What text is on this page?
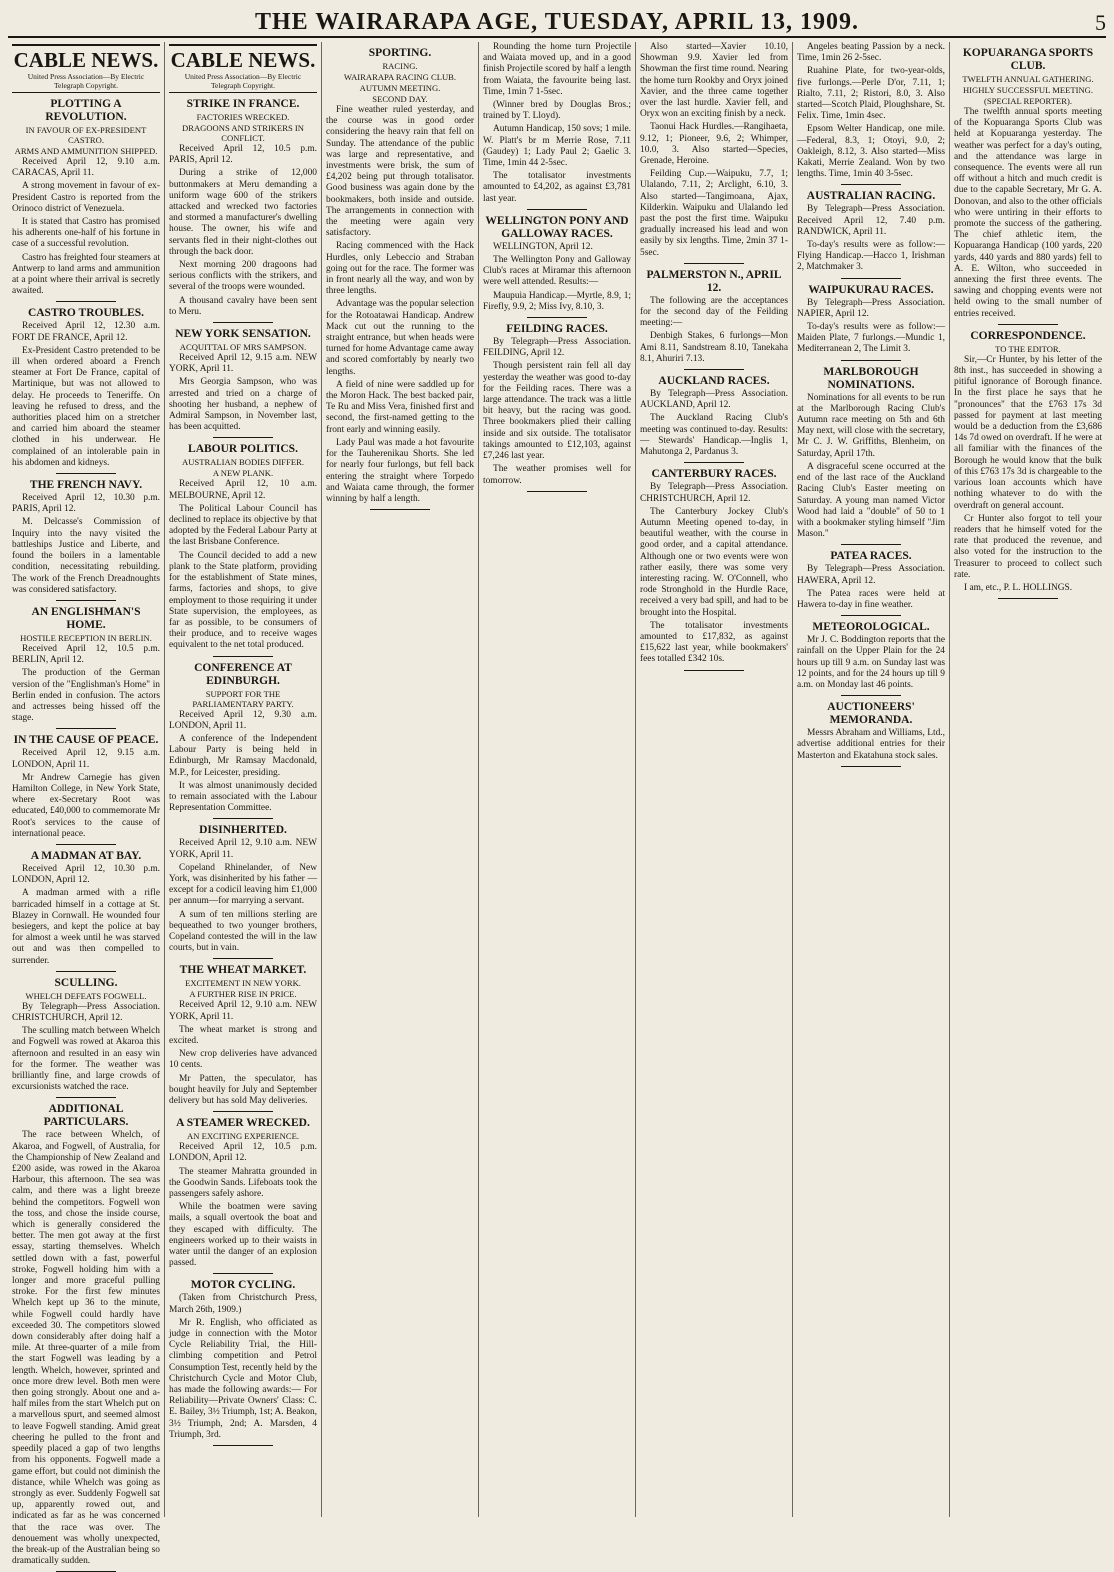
THE WAIRARAPA AGE, TUESDAY, APRIL 13, 1909.	5
CABLE NEWS.
United Press Association—By Electric Telegraph Copyright.
PLOTTING A REVOLUTION.
IN FAVOUR OF EX-PRESIDENT CASTRO.
ARMS AND AMMUNITION SHIPPED.

Received April 12, 9.10 a.m. CARACAS, April 11.

A strong movement in favour of ex-President Castro is reported from the Orinoco district of Venezuela.

It is stated that Castro has promised his adherents one-half of his fortune in case of a successful revolution.

Castro has freighted four steamers at Antwerp to land arms and ammunition at a point where their arrival is secretly awaited.

CASTRO TROUBLES.

Received April 12, 12.30 a.m. FORT DE FRANCE, April 12.

Ex-President Castro pretended to be ill when ordered aboard a French steamer at Fort De France, capital of Martinique, but was not allowed to delay. He proceeds to Teneriffe. On leaving he refused to dress, and the authorities placed him on a stretcher and carried him aboard the steamer clothed in his underwear. He complained of an intolerable pain in his abdomen and kidneys.

THE FRENCH NAVY.

Received April 12, 10.30 p.m. PARIS, April 12.

M. Delcasse's Commission of Inquiry into the navy visited the battleships Justice and Liberte, and found the boilers in a lamentable condition, necessitating rebuilding. The work of the French Dreadnoughts was considered satisfactory.

AN ENGLISHMAN'S HOME.
HOSTILE RECEPTION IN BERLIN.

Received April 12, 10.5 p.m. BERLIN, April 12.

The production of the German version of the "Englishman's Home" in Berlin ended in confusion. The actors and actresses being hissed off the stage.

IN THE CAUSE OF PEACE.

Received April 12, 9.15 a.m. LONDON, April 11.

Mr Andrew Carnegie has given Hamilton College, in New York State, where ex-Secretary Root was educated, £40,000 to commemorate Mr Root's services to the cause of international peace.

A MADMAN AT BAY.

Received April 12, 10.30 p.m. LONDON, April 12.

A madman armed with a rifle barricaded himself in a cottage at St. Blazey in Cornwall. He wounded four besiegers, and kept the police at bay for almost a week until he was starved out and was then compelled to surrender.

SCULLING.
WHELCH DEFEATS FOGWELL.

By Telegraph—Press Association. CHRISTCHURCH, April 12.

The sculling match between Whelch and Fogwell was rowed at Akaroa this afternoon and resulted in an easy win for the former. The weather was brilliantly fine, and large crowds of excursionists watched the race.

ADDITIONAL PARTICULARS.

The race between Whelch, of Akaroa, and Fogwell, of Australia, for the Championship of New Zealand and £200 aside, was rowed in the Akaroa Harbour, this afternoon. The sea was calm, and there was a light breeze behind the competitors. Fogwell won the toss, and chose the inside course, which is generally considered the better. The men got away at the first essay, starting themselves. Whelch settled down with a fast, powerful stroke, Fogwell holding him with a longer and more graceful pulling stroke. For the first few minutes Whelch kept up 36 to the minute, while Fogwell could hardly have exceeded 30. The competitors slowed down considerably after doing half a mile. At three-quarter of a mile from the start Fogwell was leading by a length. Whelch, however, sprinted and once more drew level. Both men were then going strongly. About one and a-half miles from the start Whelch put on a marvellous spurt, and seemed almost to leave Fogwell standing. Amid great cheering he pulled to the front and speedily placed a gap of two lengths from his opponents. Fogwell made a game effort, but could not diminish the distance, while Whelch was going as strongly as ever. Suddenly Fogwell sat up, apparently rowed out, and indicated as far as he was concerned that the race was over. The denouement was wholly unexpected, the break-up of the Australian being so dramatically sudden.

CABLE NEWS.
United Press Association—By Electric Telegraph Copyright.
STRIKE IN FRANCE.
FACTORIES WRECKED.
DRAGOONS AND STRIKERS IN CONFLICT.

Received April 12, 10.5 p.m. PARIS, April 12.

During a strike of 12,000 buttonmakers at Meru demanding a uniform wage 600 of the strikers attacked and wrecked two factories and stormed a manufacturer's dwelling house. The owner, his wife and servants fled in their night-clothes out through the back door.

Next morning 200 dragoons had serious conflicts with the strikers, and several of the troops were wounded.

A thousand cavalry have been sent to Meru.

NEW YORK SENSATION.
ACQUITTAL OF MRS SAMPSON.

Received April 12, 9.15 a.m. NEW YORK, April 11.

Mrs Georgia Sampson, who was arrested and tried on a charge of shooting her husband, a nephew of Admiral Sampson, in November last, has been acquitted.

LABOUR POLITICS.
AUSTRALIAN BODIES DIFFER.
A NEW PLANK.

Received April 12, 10 a.m. MELBOURNE, April 12.

The Political Labour Council has declined to replace its objective by that adopted by the Federal Labour Party at the last Brisbane Conference.

The Council decided to add a new plank to the State platform, providing for the establishment of State mines, farms, factories and shops, to give employment to those requiring it under State supervision, the employees, as far as possible, to be consumers of their produce, and to receive wages equivalent to the net total produced.

CONFERENCE AT EDINBURGH.
SUPPORT FOR THE PARLIAMENTARY PARTY.

Received April 12, 9.30 a.m. LONDON, April 11.

A conference of the Independent Labour Party is being held in Edinburgh, Mr Ramsay Macdonald, M.P., for Leicester, presiding.

It was almost unanimously decided to remain associated with the Labour Representation Committee.

DISINHERITED.

Received April 12, 9.10 a.m. NEW YORK, April 11.

Copeland Rhinelander, of New York, was disinherited by his father —except for a codicil leaving him £1,000 per annum—for marrying a servant.

A sum of ten millions sterling are bequeathed to two younger brothers, Copeland contested the will in the law courts, but in vain.

THE WHEAT MARKET.
EXCITEMENT IN NEW YORK.
A FURTHER RISE IN PRICE.

Received April 12, 9.10 a.m. NEW YORK, April 11.

The wheat market is strong and excited.

New crop deliveries have advanced 10 cents.

Mr Patten, the speculator, has bought heavily for July and September delivery but has sold May deliveries.

A STEAMER WRECKED.
AN EXCITING EXPERIENCE.

Received April 12, 10.5 p.m. LONDON, April 12.

The steamer Mahratta grounded in the Goodwin Sands. Lifeboats took the passengers safely ashore.

While the boatmen were saving mails, a squall overtook the boat and they escaped with difficulty. The engineers worked up to their waists in water until the danger of an explosion passed.

MOTOR CYCLING.

(Taken from Christchurch Press, March 26th, 1909.)

Mr R. English, who officiated as judge in connection with the Motor Cycle Reliability Trial, the Hill-climbing competition and Petrol Consumption Test, recently held by the Christchurch Cycle and Motor Club, has made the following awards:— For Reliability—Private Owners' Class: C. E. Bailey, 3½ Triumph, 1st; A. Beakon, 3½ Triumph, 2nd; A. Marsden, 4 Triumph, 3rd.

SPORTING.
RACING.
WAIRARAPA RACING CLUB.
AUTUMN MEETING.
SECOND DAY.

Fine weather ruled yesterday, and the course was in good order considering the heavy rain that fell on Sunday. The attendance of the public was large and representative, and investments were brisk, the sum of £4,202 being put through totalisator. Good business was again done by the bookmakers, both inside and outside. The arrangements in connection with the meeting were again very satisfactory.

Racing commenced with the Hack Hurdles, only Lebeccio and Straban going out for the race. The former was in front nearly all the way, and won by three lengths.

Advantage was the popular selection for the Rotoatawai Handicap. Andrew Mack cut out the running to the straight entrance, but when heads were turned for home Advantage came away and scored comfortably by nearly two lengths.

A field of nine were saddled up for the Moron Hack. The best backed pair, Te Ru and Miss Vera, finished first and second, the first-named getting to the front early and winning easily.

Lady Paul was made a hot favourite for the Tauherenikau Shorts. She led for nearly four furlongs, but fell back entering the straight where Torpedo and Waiata came through, the former winning by half a length.

Rounding the home turn Projectile and Waiata moved up, and in a good finish Projectile scored by half a length from Waiata, the favourite being last. Time, 1min 7 1-5sec.

(Winner bred by Douglas Bros.; trained by T. Lloyd).

Autumn Handicap, 150 sovs; 1 mile. W. Platt's br m Merrie Rose, 7.11 (Gaudey) 1; Lady Paul 2; Gaelic 3. Time, 1min 44 2-5sec.

The totalisator investments amounted to £4,202, as against £3,781 last year.

WELLINGTON PONY AND GALLOWAY RACES.

WELLINGTON, April 12.

The Wellington Pony and Galloway Club's races at Miramar this afternoon were well attended. Results:—

Maupuia Handicap.—Myrtle, 8.9, 1; Firefly, 9.9, 2; Miss Ivy, 8.10, 3.

FEILDING RACES.

By Telegraph—Press Association. FEILDING, April 12.

Though persistent rain fell all day yesterday the weather was good to-day for the Feilding races. There was a large attendance. The track was a little bit heavy, but the racing was good. Three bookmakers plied their calling inside and six outside. The totalisator takings amounted to £12,103, against £7,246 last year.

The weather promises well for tomorrow.

Also started—Xavier 10.10, Showman 9.9. Xavier led from Showman the first time round. Nearing the home turn Rookby and Oryx joined Xavier, and the three came together over the last hurdle. Xavier fell, and Oryx won an exciting finish by a neck.

Taonui Hack Hurdles.—Rangihaeta, 9.12, 1; Pioneer, 9.6, 2; Whimper, 10.0, 3. Also started—Species, Grenade, Heroine.

Feilding Cup.—Waipuku, 7.7, 1; Ulalando, 7.11, 2; Arclight, 6.10, 3. Also started—Tangimoana, Ajax, Kilderkin. Waipuku and Ulalando led past the post the first time. Waipuku gradually increased his lead and won easily by six lengths. Time, 2min 37 1-5sec.

PALMERSTON N., APRIL 12.

The following are the acceptances for the second day of the Feilding meeting:—

Denbigh Stakes, 6 furlongs—Mon Ami 8.11, Sandstream 8.10, Tanekaha 8.1, Ahuriri 7.13.

AUCKLAND RACES.

By Telegraph—Press Association. AUCKLAND, April 12.

The Auckland Racing Club's meeting was continued to-day. Results:— Stewards' Handicap.—Inglis 1, Mahutonga 2, Pardanus 3.

CANTERBURY RACES.

By Telegraph—Press Association. CHRISTCHURCH, April 12.

The Canterbury Jockey Club's Autumn Meeting opened to-day, in beautiful weather, with the course in good order, and a capital attendance. Although one or two events were won rather easily, there was some very interesting racing. W. O'Connell, who rode Stronghold in the Hurdle Race, received a very bad spill, and had to be brought into the Hospital.

The totalisator investments amounted to £17,832, as against £15,622 last year, while bookmakers' fees totalled £342 10s.

Angeles beating Passion by a neck. Time, 1min 26 2-5sec.

Ruahine Plate, for two-year-olds, five furlongs.—Perle D'or, 7.11, 1; Rialto, 7.11, 2; Ristori, 8.0, 3. Also started—Scotch Plaid, Ploughshare, St. Felix. Time, 1min 4sec.

Epsom Welter Handicap, one mile.—Federal, 8.3, 1; Otoyi, 9.0, 2; Oakleigh, 8.12, 3. Also started—Miss Kakati, Merrie Zealand. Won by two lengths. Time, 1min 40 3-5sec.

AUSTRALIAN RACING.

By Telegraph—Press Association. Received April 12, 7.40 p.m. RANDWICK, April 11.

To-day's results were as follow:— Flying Handicap.—Hacco 1, Irishman 2, Matchmaker 3.

WAIPUKURAU RACES.

By Telegraph—Press Association. NAPIER, April 12.

To-day's results were as follow:— Maiden Plate, 7 furlongs.—Mundic 1, Mediterranean 2, The Limit 3.

MARLBOROUGH NOMINATIONS.

Nominations for all events to be run at the Marlborough Racing Club's Autumn race meeting on 5th and 6th May next, will close with the secretary, Mr C. J. W. Griffiths, Blenheim, on Saturday, April 17th.

A disgraceful scene occurred at the end of the last race of the Auckland Racing Club's Easter meeting on Saturday. A young man named Victor Wood had laid a "double" of 50 to 1 with a bookmaker styling himself "Jim Mason."

PATEA RACES.

By Telegraph—Press Association. HAWERA, April 12.

The Patea races were held at Hawera to-day in fine weather.

METEOROLOGICAL.

Mr J. C. Boddington reports that the rainfall on the Upper Plain for the 24 hours up till 9 a.m. on Sunday last was 12 points, and for the 24 hours up till 9 a.m. on Monday last 46 points.

AUCTIONEERS' MEMORANDA.

Messrs Abraham and Williams, Ltd., advertise additional entries for their Masterton and Ekatahuna stock sales.

KOPUARANGA SPORTS CLUB.
TWELFTH ANNUAL GATHERING.
HIGHLY SUCCESSFUL MEETING.
(SPECIAL REPORTER).

The twelfth annual sports meeting of the Kopuaranga Sports Club was held at Kopuaranga yesterday. The weather was perfect for a day's outing, and the attendance was large in consequence. The events were all run off without a hitch and much credit is due to the capable Secretary, Mr G. A. Donovan, and also to the other officials who were untiring in their efforts to promote the success of the gathering. The chief athletic item, the Kopuaranga Handicap (100 yards, 220 yards, 440 yards and 880 yards) fell to A. E. Wilton, who succeeded in annexing the first three events. The sawing and chopping events were not held owing to the small number of entries received.

CORRESPONDENCE.
TO THE EDITOR.

Sir,—Cr Hunter, by his letter of the 8th inst., has succeeded in showing a pitiful ignorance of Borough finance. In the first place he says that he "pronounces" that the £763 17s 3d passed for payment at last meeting would be a deduction from the £3,686 14s 7d owed on overdraft. If he were at all familiar with the finances of the Borough he would know that the bulk of this £763 17s 3d is chargeable to the various loan accounts which have nothing whatever to do with the overdraft on general account.

Cr Hunter also forgot to tell your readers that he himself voted for the rate that produced the revenue, and also voted for the instruction to the Treasurer to proceed to collect such rate.

I am, etc., P. L. HOLLINGS.
